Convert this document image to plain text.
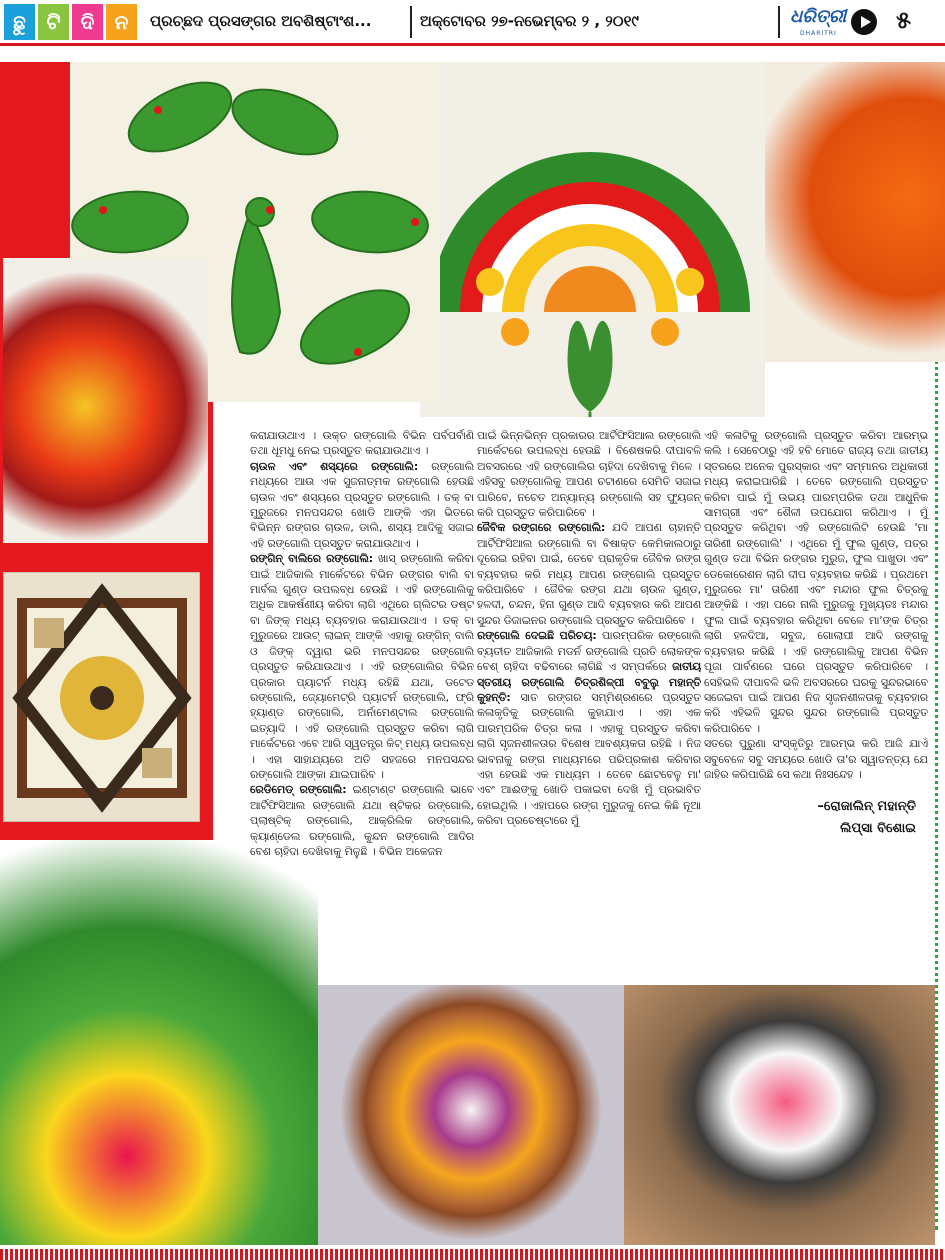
ଛୁ	ଟି	ଦି	ନ	ପ୍ରଚ୍ଛଦ ପ୍ରସଙ୍ଗର ଅବଶିଷ୍ଟାଂଶ...	ଅକ୍ଟୋବର ୨୭-ନଭେମ୍ବର ୨ , ୨୦୧୯	ଧରିତ୍ରୀ
DHARITRI ୫

କରାଯାଉଥାଏ । ଉକ୍ତ ରଙ୍ଗୋଲି ବିଭିନ ପର୍ବପର୍ବାଣି ତଥା ଧୂମଧୁ ନେଇ ପ୍ରସ୍ତୁତ କରାଯାଉଥାଏ ।

ଚାଉଳ ଏବଂ ଶସ୍ୟରେ ରଙ୍ଗୋଲି: ରଙ୍ଗୋଲି ମଧ୍ୟରେ ଆଉ ଏକ ସୁଜନାତ୍ମକ ରଙ୍ଗୋଲି ହେଉଛି ଚାଉଳ ଏବଂ ଶସ୍ୟରେ ପ୍ରସ୍ତୁତ ରଙ୍ଗୋଲି । ତକ୍ ବା ମୁରୁଜରେ ମନପସନ୍ଦର ଖୋଡି ଆଙ୍କି ଏହା ଭିତରେ ବିଭିନ୍ନ ରଙ୍ଗର ଚାଉଳ, ଡାଲି, ଶସ୍ୟ ଆଦିକୁ ସଜାଇ ଏହି ରଙ୍ଗୋଲି ପ୍ରସ୍ତୁତ କରାଯାଉଥାଏ ।

ରଙ୍ଗିନ୍ ବାଲିରେ ରଙ୍ଗୋଲି: ଖାସ୍ ରଙ୍ଗୋଲି କରିବା ପାଇଁ ଆଜିକାଲି ମାର୍କେଟରେ ବିଭିନ ରଙ୍ଗର ବାଲି ବା ମାର୍ବଲ ଗୁଣ୍ଡ ଉପଲବ୍ଧ ହେଉଛି । ଏହି ରଙ୍ଗୋଲିକୁ ଅଧିକ ଆକର୍ଷଣୀୟ କରିବା ଲାଗି ଏଥିରେ ଗ୍ଲିଟର ଡଷ୍ଟ ବା ଜିଙ୍କ୍ ମଧ୍ୟ ବ୍ୟବହାର କରାଯାଉଥାଏ । ତକ୍ ବା ମୁରୁଜରେ ଆଉଟ୍ ଲାଇନ୍ ଆଙ୍କି ଏହାକୁ ରଙ୍ଗିନ୍ ବାଲି ଓ ଜିଙ୍କ୍ ଦ୍ୱାରା ଭରି ମନପସନ୍ଦର ରଙ୍ଗୋଲି ପ୍ରସ୍ତୁତ କରିଯାଉଥାଏ । ଏହି ରଙ୍ଗୋଲିର ବିଭିନ ପ୍ରକାର ପ୍ୟାଟର୍ନ ମଧ୍ୟ ରହିଛି ଯଥା, ଡଟେଡ ରଙ୍ଗୋଲି, ଜ୍ୟୋମେଟ୍ରି ପ୍ୟାଟର୍ନ ରଙ୍ଗୋଲି, ଫ୍ରି ହ୍ୟାଣ୍ଡ ରଙ୍ଗୋଲି, ଅର୍ନାମେଣ୍ଟାଲ ରଙ୍ଗୋଲି ଇତ୍ୟାଦି । ଏହି ରଙ୍ଗୋଲି ପ୍ରସ୍ତୁତ କରିବା ଲାଗି ମାର୍କେଟରେ ଏବେ ଆରି ସ୍ୱତନ୍ତ୍ର କିଟ୍ ମଧ୍ୟ ଉପଲବ୍ଧ । ଏହା ସାହାଯ୍ୟରେ ଅତି ସହଜରେ ମନପସନ୍ଦର ରଙ୍ଗୋଲି ଆଙ୍କା ଯାଇପାରିବ ।

ରେଡିମେଡ୍ ରଙ୍ଗୋଲି: ଇଣ୍ଟାଣ୍ଟ ରଙ୍ଗୋଲି ଭାବେ ଆର୍ଟିଫିସିଆଲ ରଙ୍ଗୋଲି ଯଥା ଷ୍ଟିକର ରଙ୍ଗୋଲି, ପ୍ଲାଷ୍ଟିକ୍ ରଙ୍ଗୋଲି, ଆକ୍ରିଲିକ ରଙ୍ଗୋଲି, କ୍ୟାଣ୍ଡେଲ ରଙ୍ଗୋଲି, କୁନ୍ଦନ ରଙ୍ଗୋଲି ଆଦିର ବେଶ ଚାହିଦା ଦେଖିବାକୁ ମିଳୁଛି । ବିଭିନ ଅକେଜନ

ପାଇଁ ଭିନ୍ନଭିନ୍ନ ପ୍ରକାରର ଆର୍ଟିଫିସିଆଲ ରଙ୍ଗୋଲି ମାର୍କେଟରେ ଉପଲବ୍ଧ ହେଉଛି । ବିଶେଷକରି ଦୀପାବଳି ଅବସରରେ ଏହି ରଙ୍ଗୋଲିର ଚାହିଦା ଦେଖିବାକୁ ମିଳେ । ଏହିସବୁ ରଙ୍ଗୋଲିକୁ ଆପଣ ଚଟାଣରେ ସେମିତି ସଜାଇ ପାରିବେ, ନଚେତ ଅନ୍ୟାନ୍ୟ ରଙ୍ଗୋଲି ସହ ଫ୍ୟୁଜନ୍ କରି ପ୍ରସ୍ତୁତ କରିପାରିବେ ।

ଜୈବିକ ରଙ୍ଗରେ ରଙ୍ଗୋଲି: ଯଦି ଆପଣ ଚାହାନ୍ତି ଆର୍ଟିଫିସିଆଲ ରଙ୍ଗୋଲି ବା ବିଷାକ୍ତ କେମିକାଲଠାରୁ ଦୂରେଇ ରହିବା ପାଇଁ, ତେବେ ପ୍ରାକୃତିକ ଜୈବିକ ରଙ୍ଗ ବ୍ୟବହାର କରି ମଧ୍ୟ ଆପଣ ରଙ୍ଗୋଲି ପ୍ରସ୍ତୁତ କରିପାରିବେ । ଜୈବିକ ରଙ୍ଗ ଯଥା ଚାଉଳ ଗୁଣ୍ଡ, ହଳଦୀ, ଚନ୍ଦନ, ହିନା ଗୁଣ୍ଡ ଆଦି ବ୍ୟବହାର କରି ଆପଣ ସୁନ୍ଦର ଡିଜାଇନର ରଙ୍ଗୋଲି ପ୍ରସ୍ତୁତ କରିପାରିବେ ।

ରଙ୍ଗୋଲି ଦେଇଛି ପରିଚୟ: ପାରମ୍ପରିକ ରଙ୍ଗୋଲି ବ୍ୟତୀତ ଆଜିକାଲି ମଡର୍ନ ରଙ୍ଗୋଲି ପ୍ରତି ଲୋକଙ୍କ ବେଶ୍ ଚାହିଦା ବଢିବାରେ ଲାଗିଛି ଏ ସମ୍ପର୍କରେ ଜାତୀୟ ସ୍ତରୀୟ ରଙ୍ଗୋଲି ଚିତ୍ରଶିଳ୍ପୀ ବବୁଲୁ ମହାନ୍ତି କୁହନ୍ତି: ସାତ ରଙ୍ଗର ସମ୍ମିଶ୍ରଣରେ ପ୍ରସ୍ତୁତ କଳାକୃତିକୁ ରଙ୍ଗୋଲି କୁହାଯାଏ । ଏହା ଏକ ପାରମ୍ପରିକ ଚିତ୍ର କଳା । ଏହାକୁ ପ୍ରସ୍ତୁତ କରିବା ଲାଗି ସୃଜନଶୀଳତାର ବିଶେଷ ଆବଶ୍ୟକତା ରହିଛି । ନିଜ ଭାବନାକୁ ରଙ୍ଗ ମାଧ୍ୟମରେ ପରିପ୍ରକାଶ କରିବାର ଏହା ହେଉଛି ଏକ ମାଧ୍ୟମ । ତେବେ ଛୋଟବେଳୁ ମା' ଏବଂ ଆଈଙ୍କୁ ଖୋଡି ପକାଇବା ଦେଖି ମୁଁ ପ୍ରଭାବିତ ହୋଇଥିଲି । ଏହାପରେ ରଙ୍ଗ ମୁରୁଜକୁ ନେଇ କିଛି ନୂଆ କରିବା ପ୍ରଚେଷ୍ଟାରେ ମୁଁ

ଏହି କଳାଟିକୁ ରଙ୍ଗୋଲି ପ୍ରସ୍ତୁତ କରିବା ଆରମ୍ଭ କଲି । ସେବେଠାରୁ ଏହି ହବି ମୋତେ ରାଜ୍ୟ ତଥା ଜାତୀୟ ସ୍ତରରେ ଅନେକ ପୁରସ୍କାର ଏବଂ ସମ୍ମାନର ଅଧିକାରୀ ମଧ୍ୟ କରାଇପାରିଛି । ତେବେ ରଙ୍ଗୋଲି ପ୍ରସ୍ତୁତ କରିବା ପାଇଁ ମୁଁ ଉଭୟ ପାରମ୍ପରିକ ତଥା ଆଧୁନିକ ସାମଗ୍ରୀ ଏବଂ ଶୈଳୀ ଉପଯୋଗ କରିଥାଏ । ମୁଁ ପ୍ରସ୍ତୁତ କରିଥିବା ଏହି ରଙ୍ଗୋଲିଟି ହେଉଛି 'ମା ତାରିଣୀ ରଙ୍ଗୋଲି' । ଏଥିରେ ମୁଁ ଫୁଲ ଗୁଣ୍ଡ, ପତ୍ର ଗୁଣ୍ଡ ତଥା ବିଭିନ ରଙ୍ଗର ମୁରୁଜ, ଫୁଲ ପାଖୁଡା ଏବଂ ଡେକୋରେଶନ ଲାଗି ଦୀପ ବ୍ୟବହାର କରିଛି । ପ୍ରଥମେ ମୁରୁଜରେ ମା' ତାରିଣୀ ଏବଂ ମନ୍ଦାର ଫୁଲ ଚିତ୍ରକୁ ଆଙ୍କିଛି । ଏହା ପରେ ନାଲି ମୁରୁଜକୁ ମୁଖ୍ୟତଃ ମନ୍ଦାର ଫୁଲ ପାଇଁ ବ୍ୟବହାର କରିଥିବା ବେଳେ ମା'ଙ୍କ ଚିତ୍ର ଲାଗି ହଳଦିଆ, ସବୁଜ, ଗୋଲାପୀ ଆଦି ରଙ୍ଗକୁ ବ୍ୟବହାର କରିଛି । ଏହି ରଙ୍ଗୋଲିକୁ ଆପଣ ବିଭିନ ପୂଜା ପାର୍ବଣରେ ଘରେ ପ୍ରସ୍ତୁତ କରିପାରିବେ । ସେହିଭଳି ଦୀପାବଳି ଭଳି ଅବସରରେ ଘରକୁ ସୁନ୍ଦରଭାବେ ସଜେଇବା ପାଇଁ ଆପଣ ନିଜ ସୃଜନଶୀଳତାକୁ ବ୍ୟବହାର କରି ଏହିଭଳି ସୁନ୍ଦର ସୁନ୍ଦର ରଙ୍ଗୋଲି ପ୍ରସ୍ତୁତ କରିପାରିବେ ।

ସତରେ ପୁରୁଣା ସଂସ୍କୃତିରୁ ଆରମ୍ଭ କରି ଆଜି ଯାଏଁ ସବୁବେଳେ ସବୁ ସମୟରେ ଖୋଡି ତା'ର ସ୍ୱାତନ୍ତ୍ୟ ଯେ ଜାହିର କରିପାରିଛି ସେ କଥା ନିଃସନ୍ଦେହ ।

–ରୋଜାଲିନ୍ ମହାନ୍ତି
ଲିପ୍ସା ବିଶୋଇ
